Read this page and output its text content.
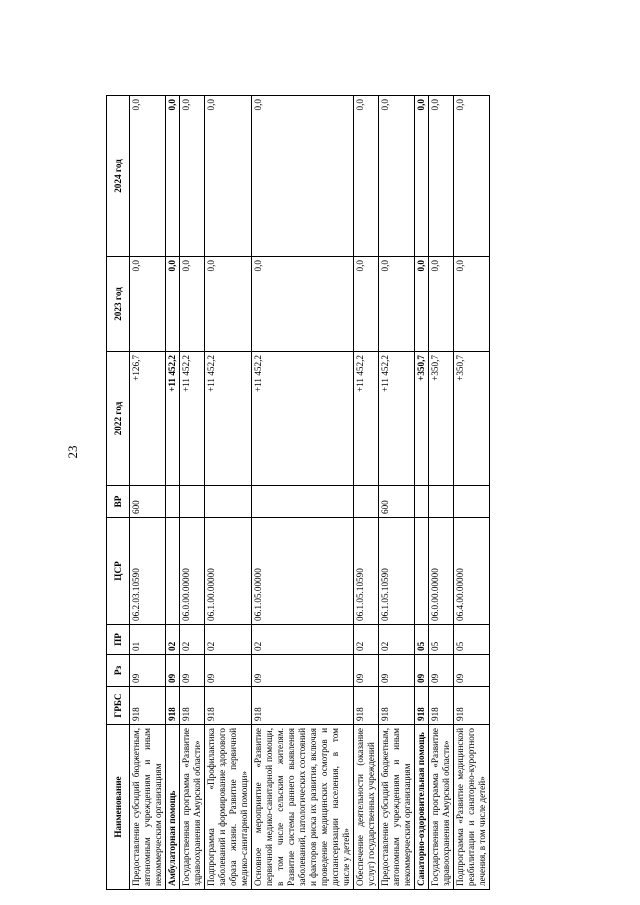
23
Наименование	ГРБС	Рз	ПР	ЦСР	ВР	2022 год	2023 год	2024 год
Предоставление субсидий бюджетным, автономным учреждениям и иным некоммерческим организациям	918	09	01	06.2.03.10590	600	+126,7	0,0	0,0
Амбулаторная помощь	918	09	02			+11 452,2	0,0	0,0
Государственная программа «Развитие здравоохранения Амурской области»	918	09	02	06.0.00.00000		+11 452,2	0,0	0,0
Подпрограмма «Профилактика заболеваний и формирование здорового образа жизни. Развитие первичной медико-санитарной помощи»	918	09	02	06.1.00.00000		+11 452,2	0,0	0,0
Основное мероприятие «Развитие первичной медико-санитарной помощи, в том числе сельским жителям. Развитие системы раннего выявления заболеваний, патологических состояний и факторов риска их развития, включая проведение медицинских осмотров и диспансеризации населения, в том числе у детей»	918	09	02	06.1.05.00000		+11 452,2	0,0	0,0
Обеспечение деятельности (оказание услуг) государственных учреждений	918	09	02	06.1.05.10590		+11 452,2	0,0	0,0
Предоставление субсидий бюджетным, автономным учреждениям и иным некоммерческим организациям	918	09	02	06.1.05.10590	600	+11 452,2	0,0	0,0
Санаторно-оздоровительная помощь	918	09	05			+350,7	0,0	0,0
Государственная программа «Развитие здравоохранения Амурской области»	918	09	05	06.0.00.00000		+350,7	0,0	0,0
Подпрограмма «Развитие медицинской реабилитации и санаторно-курортного лечения, в том числе детей»	918	09	05	06.4.00.00000		+350,7	0,0	0,0
